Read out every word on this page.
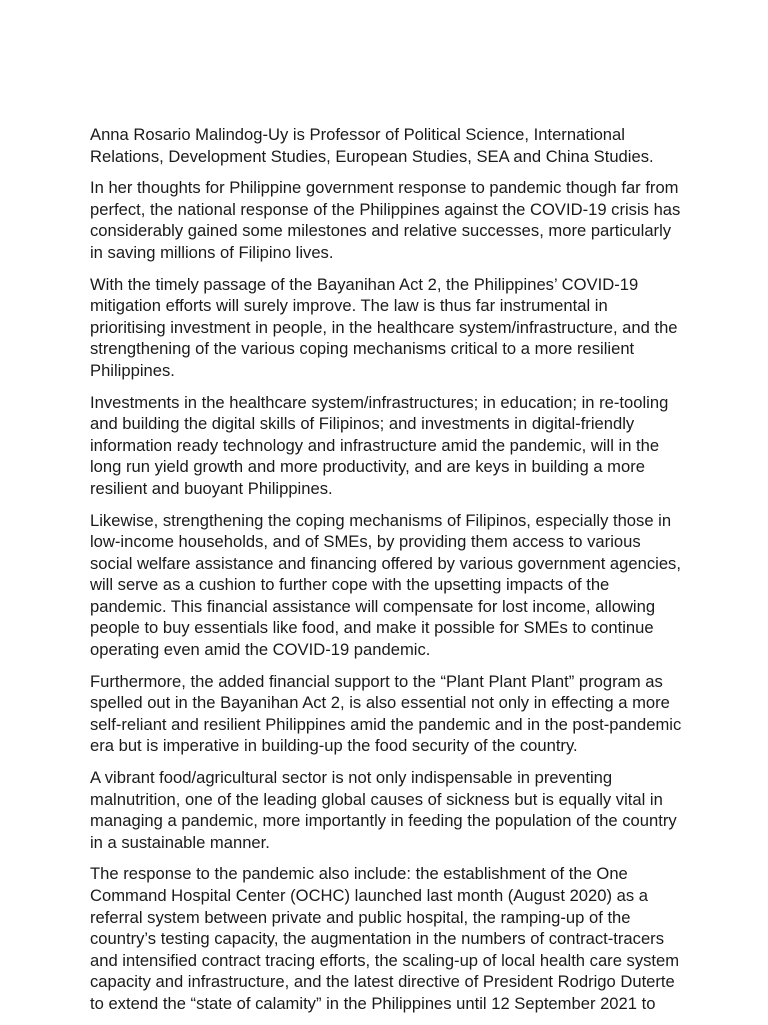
Anna Rosario Malindog-Uy is Professor of Political Science, International
Relations, Development Studies, European Studies, SEA and China Studies.

In her thoughts for Philippine government response to pandemic though far from
perfect, the national response of the Philippines against the COVID-19 crisis has
considerably gained some milestones and relative successes, more particularly
in saving millions of Filipino lives.

With the timely passage of the Bayanihan Act 2, the Philippines’ COVID-19
mitigation efforts will surely improve. The law is thus far instrumental in
prioritising investment in people, in the healthcare system/infrastructure, and the
strengthening of the various coping mechanisms critical to a more resilient
Philippines.

Investments in the healthcare system/infrastructures; in education; in re-tooling
and building the digital skills of Filipinos; and investments in digital-friendly
information ready technology and infrastructure amid the pandemic, will in the
long run yield growth and more productivity, and are keys in building a more
resilient and buoyant Philippines.

Likewise, strengthening the coping mechanisms of Filipinos, especially those in
low-income households, and of SMEs, by providing them access to various
social welfare assistance and financing offered by various government agencies,
will serve as a cushion to further cope with the upsetting impacts of the
pandemic. This financial assistance will compensate for lost income, allowing
people to buy essentials like food, and make it possible for SMEs to continue
operating even amid the COVID-19 pandemic.

Furthermore, the added financial support to the “Plant Plant Plant” program as
spelled out in the Bayanihan Act 2, is also essential not only in effecting a more
self-reliant and resilient Philippines amid the pandemic and in the post-pandemic
era but is imperative in building-up the food security of the country.

A vibrant food/agricultural sector is not only indispensable in preventing
malnutrition, one of the leading global causes of sickness but is equally vital in
managing a pandemic, more importantly in feeding the population of the country
in a sustainable manner.

The response to the pandemic also include: the establishment of the One
Command Hospital Center (OCHC) launched last month (August 2020) as a
referral system between private and public hospital, the ramping-up of the
country’s testing capacity, the augmentation in the numbers of contract-tracers
and intensified contract tracing efforts, the scaling-up of local health care system
capacity and infrastructure, and the latest directive of President Rodrigo Duterte
to extend the “state of calamity” in the Philippines until 12 September 2021 to
